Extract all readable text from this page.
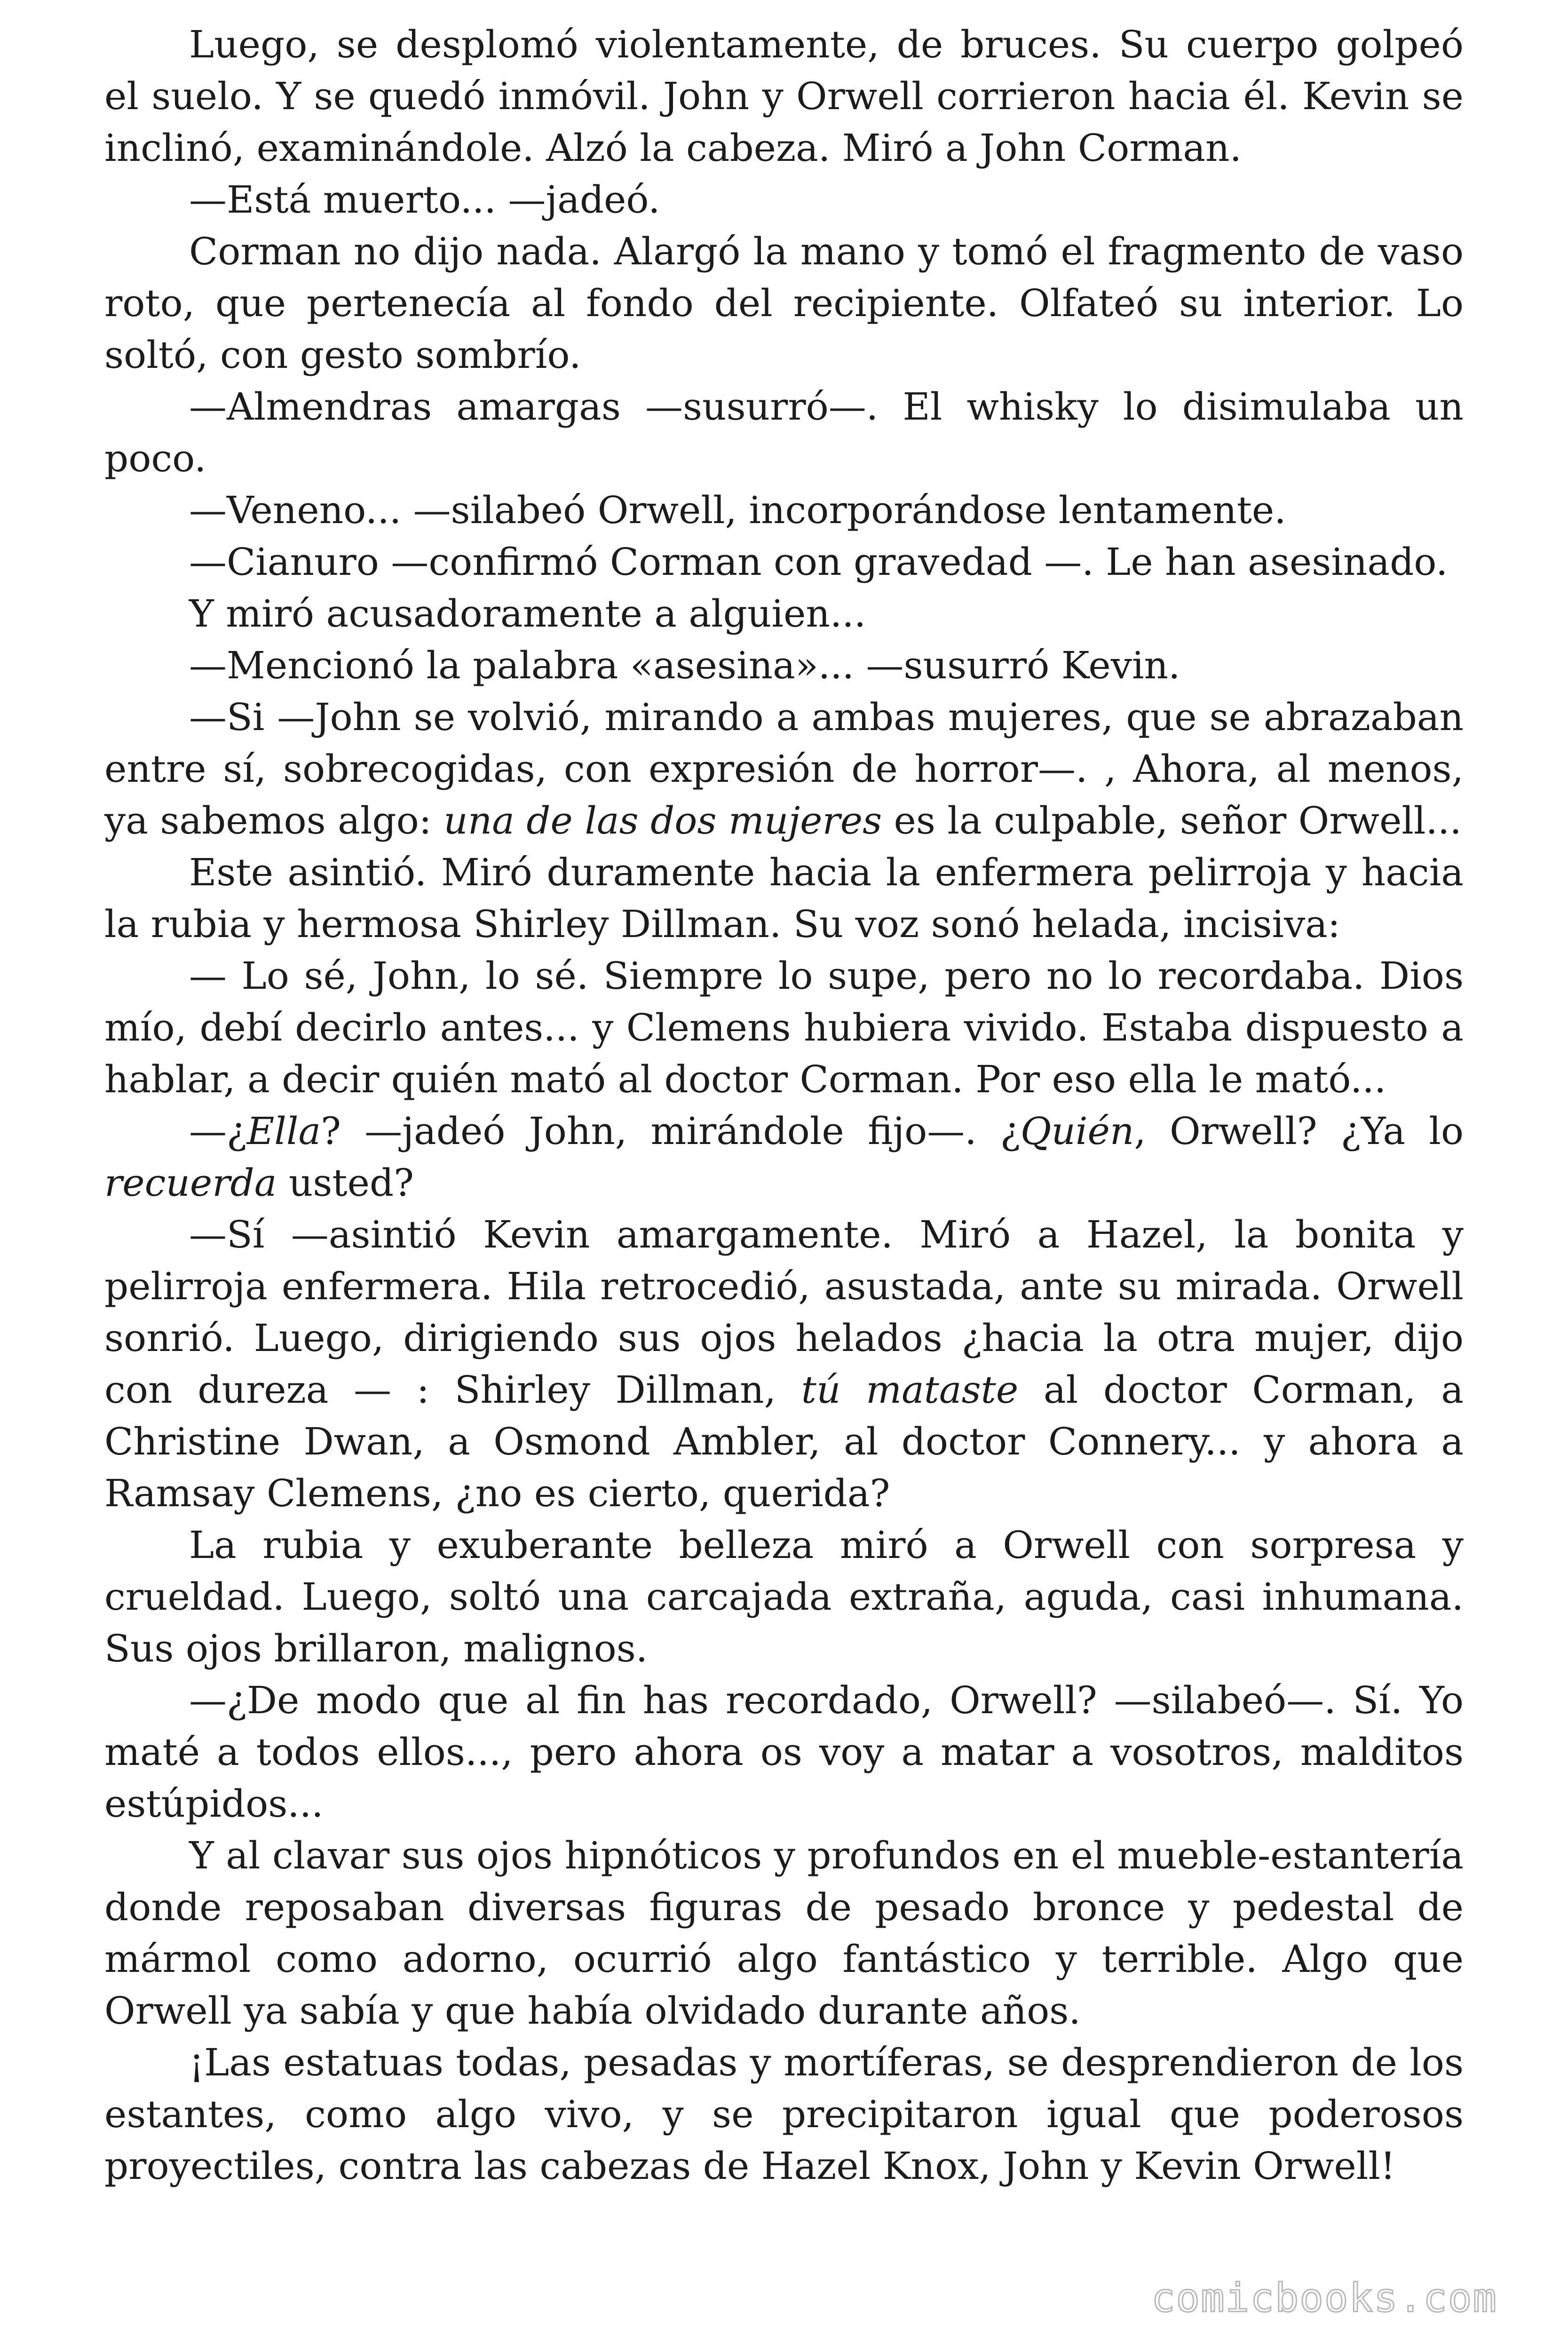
Luego, se desplomó violentamente, de bruces. Su cuerpo golpeó el suelo. Y se quedó inmóvil. John y Orwell corrieron hacia él. Kevin se inclinó, examinándole. Alzó la cabeza. Miró a John Corman.

—Está muerto... —jadeó.

Corman no dijo nada. Alargó la mano y tomó el fragmento de vaso roto, que pertenecía al fondo del recipiente. Olfateó su interior. Lo soltó, con gesto sombrío.

—Almendras amargas —susurró—. El whisky lo disimulaba un poco.

—Veneno... —silabeó Orwell, incorporándose lentamente.

—Cianuro —confirmó Corman con gravedad —. Le han asesinado.

Y miró acusadoramente a alguien...

—Mencionó la palabra «asesina»... —susurró Kevin.

—Si —John se volvió, mirando a ambas mujeres, que se abrazaban entre sí, sobrecogidas, con expresión de horror—. , Ahora, al menos, ya sabemos algo: una de las dos mujeres es la culpable, señor Orwell...

Este asintió. Miró duramente hacia la enfermera pelirroja y hacia la rubia y hermosa Shirley Dillman. Su voz sonó helada, incisiva:

— Lo sé, John, lo sé. Siempre lo supe, pero no lo recordaba. Dios mío, debí decirlo antes... y Clemens hubiera vivido. Estaba dispuesto a hablar, a decir quién mató al doctor Corman. Por eso ella le mató...

—¿Ella? —jadeó John, mirándole fijo—. ¿Quién, Orwell? ¿Ya lo recuerda usted?

—Sí —asintió Kevin amargamente. Miró a Hazel, la bonita y pelirroja enfermera. Hila retrocedió, asustada, ante su mirada. Orwell sonrió. Luego, dirigiendo sus ojos helados ¿hacia la otra mujer, dijo con dureza — : Shirley Dillman, tú mataste al doctor Corman, a Christine Dwan, a Osmond Ambler, al doctor Connery... y ahora a Ramsay Clemens, ¿no es cierto, querida?

La rubia y exuberante belleza miró a Orwell con sorpresa y crueldad. Luego, soltó una carcajada extraña, aguda, casi inhumana. Sus ojos brillaron, malignos.

—¿De modo que al fin has recordado, Orwell? —silabeó—. Sí. Yo maté a todos ellos..., pero ahora os voy a matar a vosotros, malditos estúpidos...

Y al clavar sus ojos hipnóticos y profundos en el mueble-estantería donde reposaban diversas figuras de pesado bronce y pedestal de mármol como adorno, ocurrió algo fantástico y terrible. Algo que Orwell ya sabía y que había olvidado durante años.

¡Las estatuas todas, pesadas y mortíferas, se desprendieron de los estantes, como algo vivo, y se precipitaron igual que poderosos proyectiles, contra las cabezas de Hazel Knox, John y Kevin Orwell!

comicbooks.com
